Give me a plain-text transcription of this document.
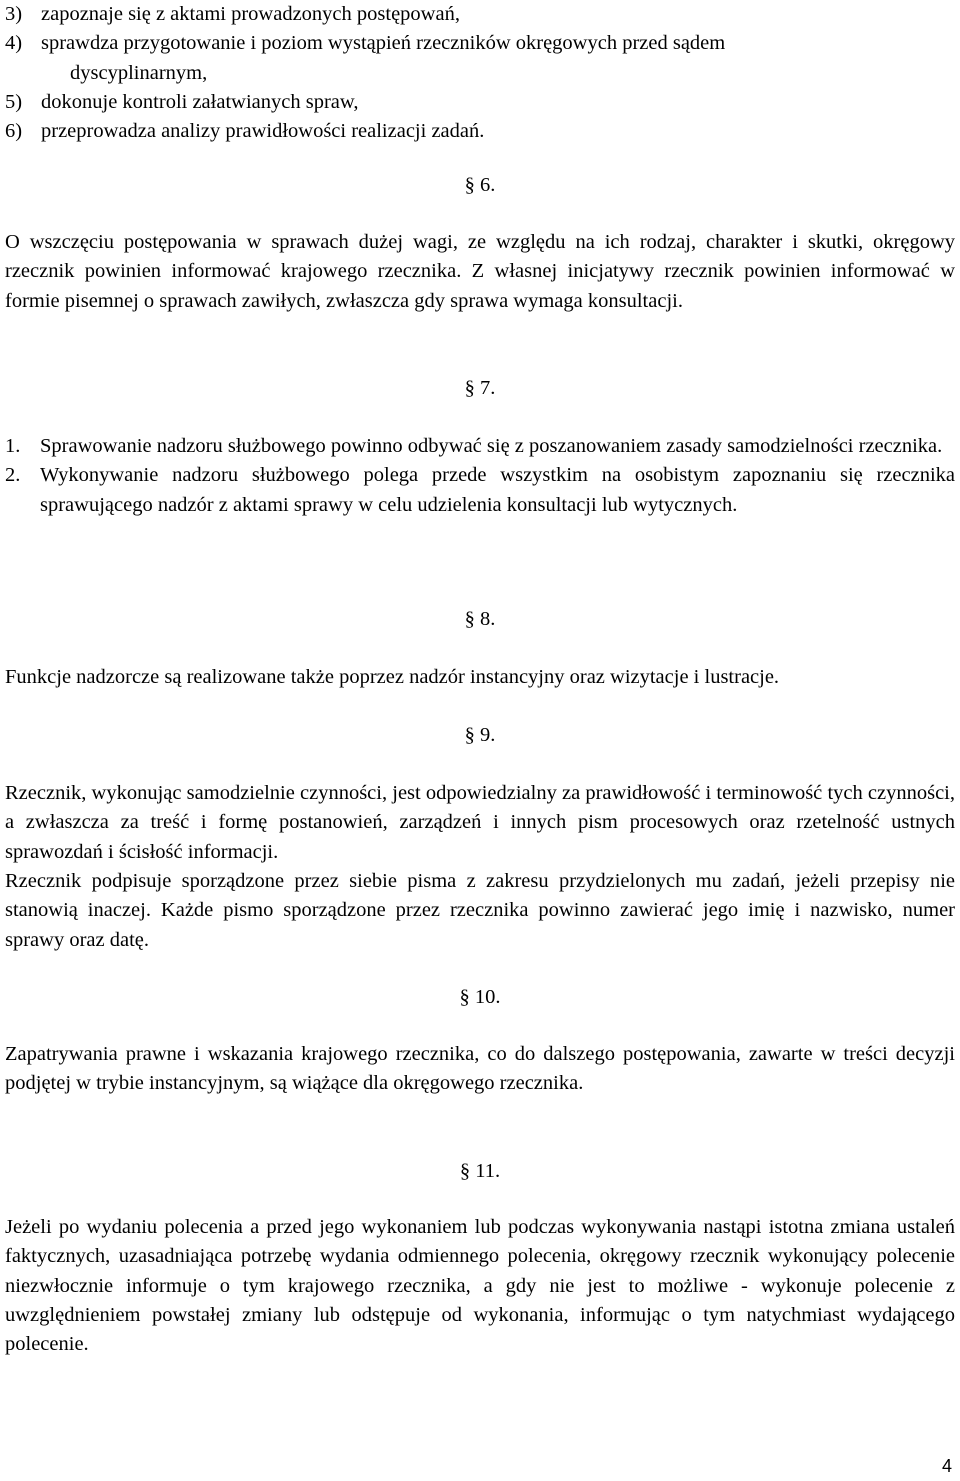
3) zapoznaje się z aktami prowadzonych postępowań,
4) sprawdza przygotowanie i poziom wystąpień rzeczników okręgowych przed sądem
dyscyplinarnym,
5) dokonuje kontroli załatwianych spraw,
6) przeprowadza analizy prawidłowości realizacji zadań.
§ 6.
O wszczęciu postępowania w sprawach dużej wagi, ze względu na ich rodzaj, charakter i skutki, okręgowy rzecznik powinien informować krajowego rzecznika. Z własnej inicjatywy rzecznik powinien informować w formie pisemnej o sprawach zawiłych, zwłaszcza gdy sprawa wymaga konsultacji.
§ 7.
1. Sprawowanie nadzoru służbowego powinno odbywać się z poszanowaniem zasady samodzielności rzecznika.
2. Wykonywanie nadzoru służbowego polega przede wszystkim na osobistym zapoznaniu się rzecznika sprawującego nadzór z aktami sprawy w celu udzielenia konsultacji lub wytycznych.
§ 8.
Funkcje nadzorcze są realizowane także poprzez nadzór instancyjny oraz wizytacje i lustracje.
§ 9.
Rzecznik, wykonując samodzielnie czynności, jest odpowiedzialny za prawidłowość i terminowość tych czynności, a zwłaszcza za treść i formę postanowień, zarządzeń i innych pism procesowych oraz rzetelność ustnych sprawozdań i ścisłość informacji.
Rzecznik podpisuje sporządzone przez siebie pisma z zakresu przydzielonych mu zadań, jeżeli przepisy nie stanowią inaczej. Każde pismo sporządzone przez rzecznika powinno zawierać jego imię i nazwisko, numer sprawy oraz datę.
§ 10.
Zapatrywania prawne i wskazania krajowego rzecznika, co do dalszego postępowania, zawarte w treści decyzji podjętej w trybie instancyjnym, są wiążące dla okręgowego rzecznika.
§ 11.
Jeżeli po wydaniu polecenia a przed jego wykonaniem lub podczas wykonywania nastąpi istotna zmiana ustaleń faktycznych, uzasadniająca potrzebę wydania odmiennego polecenia, okręgowy rzecznik wykonujący polecenie niezwłocznie informuje o tym krajowego rzecznika, a gdy nie jest to możliwe - wykonuje polecenie z uwzględnieniem powstałej zmiany lub odstępuje od wykonania, informując o tym natychmiast wydającego polecenie.
4
